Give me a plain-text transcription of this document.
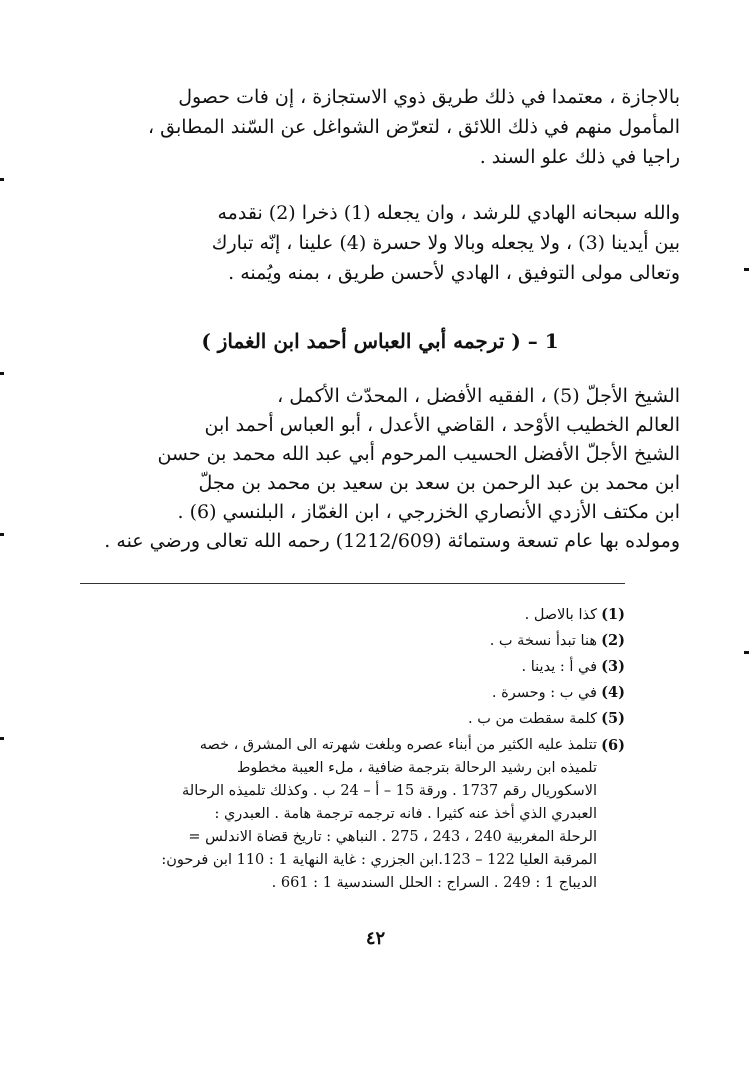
بالاجازة ، معتمدا في ذلك طريق ذوي الاستجازة ، إن فات حصول

المأمول منهم في ذلك اللائق ، لتعرّض الشواغل عن السّند المطابق ،

راجيا في ذلك علو السند .

والله سبحانه الهادي للرشد ، وان يجعله (1) ذخرا (2) نقدمه

بين أيدينا (3) ، ولا يجعله وبالا ولا حسرة (4) علينا ، إنّه تبارك

وتعالى مولى التوفيق ، الهادي لأحسن طريق ، بمنه ويُمنه .

1 – ( ترجمه أبي العباس أحمد ابن الغماز )

الشيخ الأجلّ (5) ، الفقيه الأفضل ، المحدّث الأكمل ،

العالم الخطيب الأوْحد ، القاضي الأعدل ، أبو العباس أحمد ابن

الشيخ الأجلّ الأفضل الحسيب المرحوم أبي عبد الله محمد بن حسن

ابن محمد بن عبد الرحمن بن سعد بن سعيد بن محمد بن مجلّ

ابن مكتف الأزدي الأنصاري الخزرجي ، ابن الغمّاز ، البلنسي (6) .

ومولده بها عام تسعة وستمائة (1212/609) رحمه الله تعالى ورضي عنه .

(1)
كذا بالاصل .
(2)
هنا تبدأ نسخة ب .
(3)
في أ : يدينا .
(4)
في ب : وحسرة .
(5)
كلمة سقطت من ب .
(6)

تتلمذ عليه الكثير من أبناء عصره وبلغت شهرته الى المشرق ، خصه

تلميذه ابن رشيد الرحالة بترجمة ضافية ، ملء العيبة مخطوط

الاسكوريال رقم 1737 . ورقة 15 – أ – 24 ب . وكذلك تلميذه الرحالة

العبدري الذي أخذ عنه كثيرا . فانه ترجمه ترجمة هامة . العبدري :

الرحلة المغربية 240 ، 243 ، 275 . النباهي : تاريخ قضاة الاندلس =

المرقبة العليا 122 – 123.ابن الجزري : غاية النهاية 1 : 110 ابن فرحون:

الديباج 1 : 249 . السراج : الحلل السندسية 1 : 661 .

٤٢
